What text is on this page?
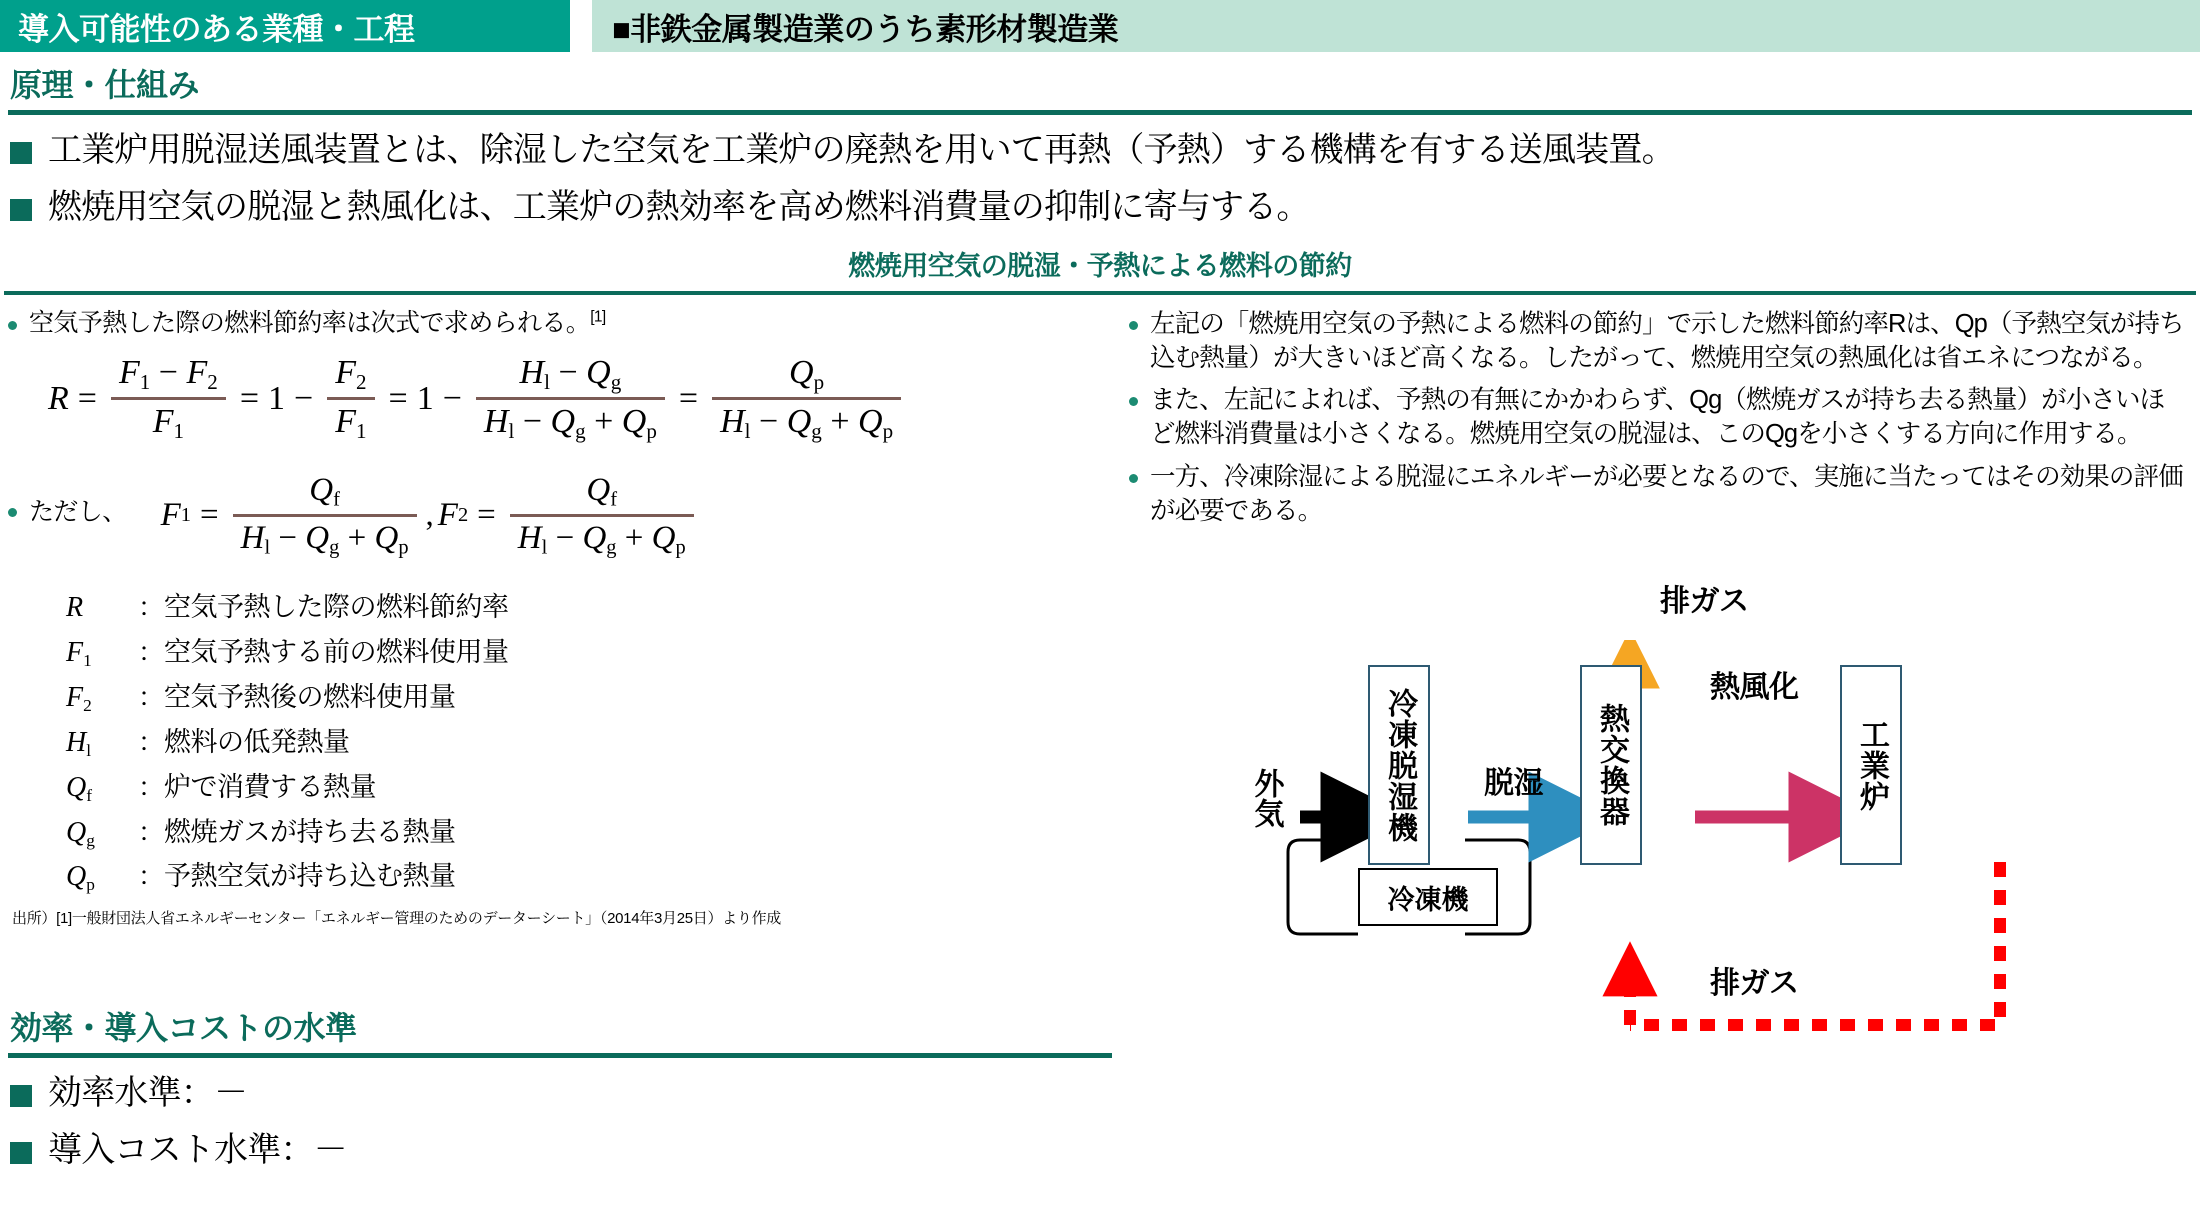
導入可能性のある業種・工程	■非鉄金属製造業のうち素形材製造業
原理・仕組み
工業炉用脱湿送風装置とは、除湿した空気を工業炉の廃熱を用いて再熱（予熱）する機構を有する送風装置。
燃焼用空気の脱湿と熱風化は、工業炉の熱効率を高め燃料消費量の抑制に寄与する。
燃焼用空気の脱湿・予熱による燃料の節約
空気予熱した際の燃料節約率は次式で求められる。[1]
$R = \frac{F_1 - F_2}{F_1} = 1 - \frac{F_2}{F_1} = 1 - \frac{H_l - Q_g}{H_l - Q_g + Q_p} = \frac{Q_p}{H_l - Q_g + Q_p}$
ただし、 F $1 = \frac{Q_f}{H_l - Q_g + Q_p}$ , F $2 = \frac{Q_f}{H_l - Q_g + Q_p}$
R	： 空気予熱した際の燃料節約率
$F_1$	： 空気予熱する前の燃料使用量
$F_2$	： 空気予熱後の燃料使用量
$H_l$	： 燃料の低発熱量
$Q_f$	： 炉で消費する熱量
$Q_g$	： 燃焼ガスが持ち去る熱量
$Q_p$	： 予熱空気が持ち込む熱量
出所）[1]一般財団法人省エネルギーセンター「エネルギー管理のためのデーターシート」（2014年3月25日）より作成
左記の「燃焼用空気の予熱による燃料の節約」で示した燃料節約率Rは、Qp（予熱空気が持ち込む熱量）が大きいほど高くなる。したがって、燃焼用空気の熱風化は省エネにつながる。
また、左記によれば、予熱の有無にかかわらず、Qg（燃焼ガスが持ち去る熱量）が小さいほど燃料消費量は小さくなる。燃焼用空気の脱湿は、このQgを小さくする方向に作用する。
一方、冷凍除湿による脱湿にエネルギーが必要となるので、実施に当たってはその効果の評価が必要である。
効率・導入コストの水準
効率水準：－
導入コスト水準：－
冷凍脱湿機
冷凍機
熱交換器	工業炉
外気	脱湿
熱風化
排ガス
排ガス
